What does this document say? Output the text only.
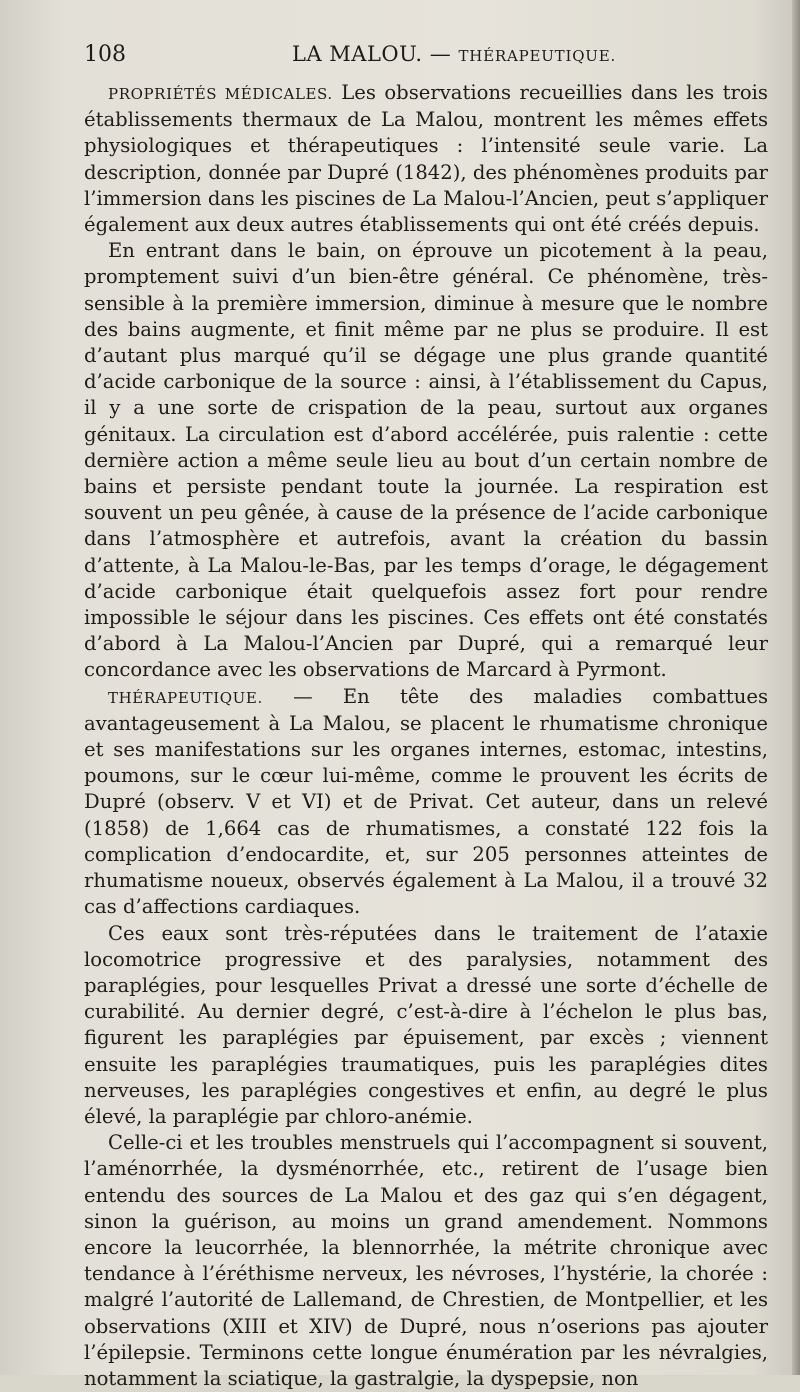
108	LA MALOU. — THÉRAPEUTIQUE.

PROPRIÉTÉS MÉDICALES. Les observations recueillies dans les trois établissements thermaux de La Malou, montrent les mêmes effets physiologiques et thérapeutiques : l’intensité seule varie. La description, donnée par Dupré (1842), des phénomènes produits par l’immersion dans les piscines de La Malou-l’Ancien, peut s’appliquer également aux deux autres établissements qui ont été créés depuis.

En entrant dans le bain, on éprouve un picotement à la peau, promptement suivi d’un bien-être général. Ce phénomène, très-sensible à la première immersion, diminue à mesure que le nombre des bains augmente, et finit même par ne plus se produire. Il est d’autant plus marqué qu’il se dégage une plus grande quantité d’acide carbonique de la source : ainsi, à l’établissement du Capus, il y a une sorte de crispation de la peau, surtout aux organes génitaux. La circulation est d’abord accélérée, puis ralentie : cette dernière action a même seule lieu au bout d’un certain nombre de bains et persiste pendant toute la journée. La respiration est souvent un peu gênée, à cause de la présence de l’acide carbonique dans l’atmosphère et autrefois, avant la création du bassin d’attente, à La Malou-le-Bas, par les temps d’orage, le dégagement d’acide carbonique était quelquefois assez fort pour rendre impossible le séjour dans les piscines. Ces effets ont été constatés d’abord à La Malou-l’Ancien par Dupré, qui a remarqué leur concordance avec les observations de Marcard à Pyrmont.

THÉRAPEUTIQUE. — En tête des maladies combattues avantageusement à La Malou, se placent le rhumatisme chronique et ses manifestations sur les organes internes, estomac, intestins, poumons, sur le cœur lui-même, comme le prouvent les écrits de Dupré (observ. V et VI) et de Privat. Cet auteur, dans un relevé (1858) de 1,664 cas de rhumatismes, a constaté 122 fois la complication d’endocardite, et, sur 205 personnes atteintes de rhumatisme noueux, observés également à La Malou, il a trouvé 32 cas d’affections cardiaques.

Ces eaux sont très-réputées dans le traitement de l’ataxie locomotrice progressive et des paralysies, notamment des paraplégies, pour lesquelles Privat a dressé une sorte d’échelle de curabilité. Au dernier degré, c’est-à-dire à l’échelon le plus bas, figurent les paraplégies par épuisement, par excès ; viennent ensuite les paraplégies traumatiques, puis les paraplégies dites nerveuses, les paraplégies congestives et enfin, au degré le plus élevé, la paraplégie par chloro-anémie.

Celle-ci et les troubles menstruels qui l’accompagnent si souvent, l’aménorrhée, la dysménorrhée, etc., retirent de l’usage bien entendu des sources de La Malou et des gaz qui s’en dégagent, sinon la guérison, au moins un grand amendement. Nommons encore la leucorrhée, la blennorrhée, la métrite chronique avec tendance à l’éréthisme nerveux, les névroses, l’hystérie, la chorée : malgré l’autorité de Lallemand, de Chrestien, de Montpellier, et les observations (XIII et XIV) de Dupré, nous n’oserions pas ajouter l’épilepsie. Terminons cette longue énumération par les névralgies, notamment la sciatique, la gastralgie, la dyspepsie, non
